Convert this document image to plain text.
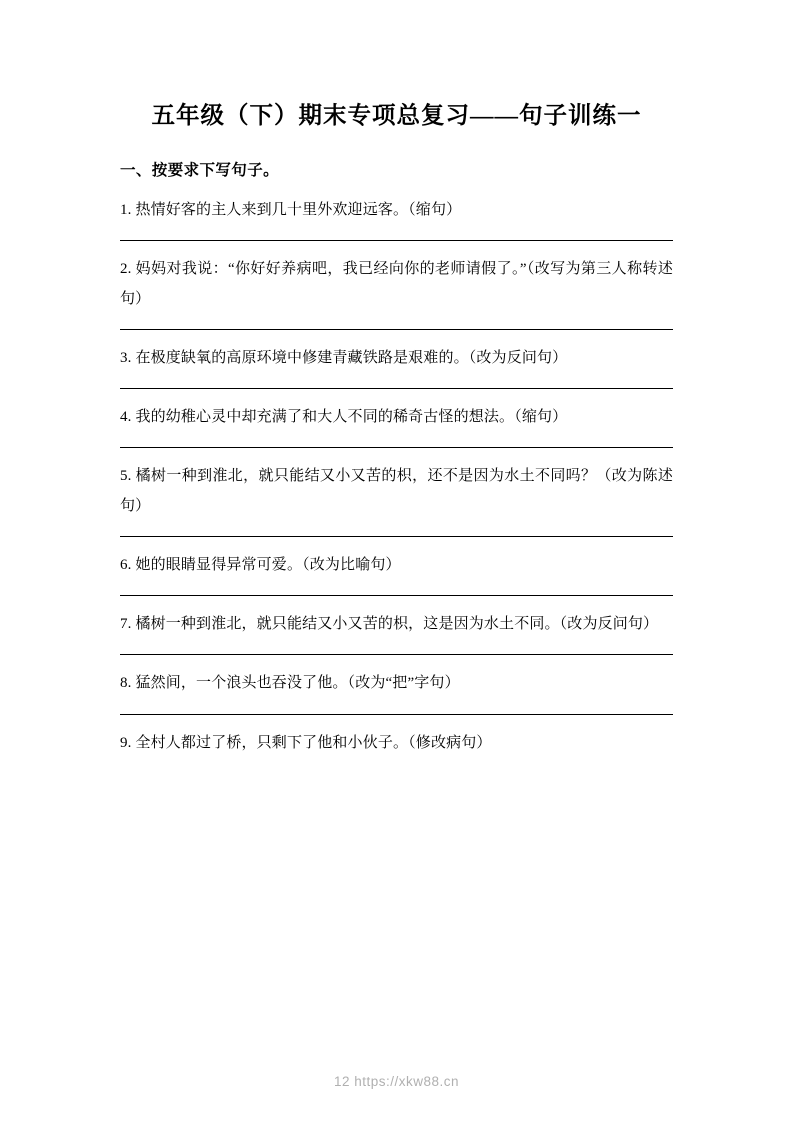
五年级（下）期末专项总复习——句子训练一
一、按要求下写句子。
1. 热情好客的主人来到几十里外欢迎远客。（缩句）
2. 妈妈对我说：“你好好养病吧，我已经向你的老师请假了。”（改写为第三人称转述句）
3. 在极度缺氧的高原环境中修建青藏铁路是艰难的。（改为反问句）
4. 我的幼稚心灵中却充满了和大人不同的稀奇古怪的想法。（缩句）
5. 橘树一种到淮北，就只能结又小又苦的枳，还不是因为水土不同吗？（改为陈述句）
6. 她的眼睛显得异常可爱。（改为比喻句）
7. 橘树一种到淮北，就只能结又小又苦的枳，这是因为水土不同。（改为反问句）
8. 猛然间，一个浪头也吞没了他。（改为“把”字句）
9. 全村人都过了桥，只剩下了他和小伙子。（修改病句）
12 https://xkw88.cn
